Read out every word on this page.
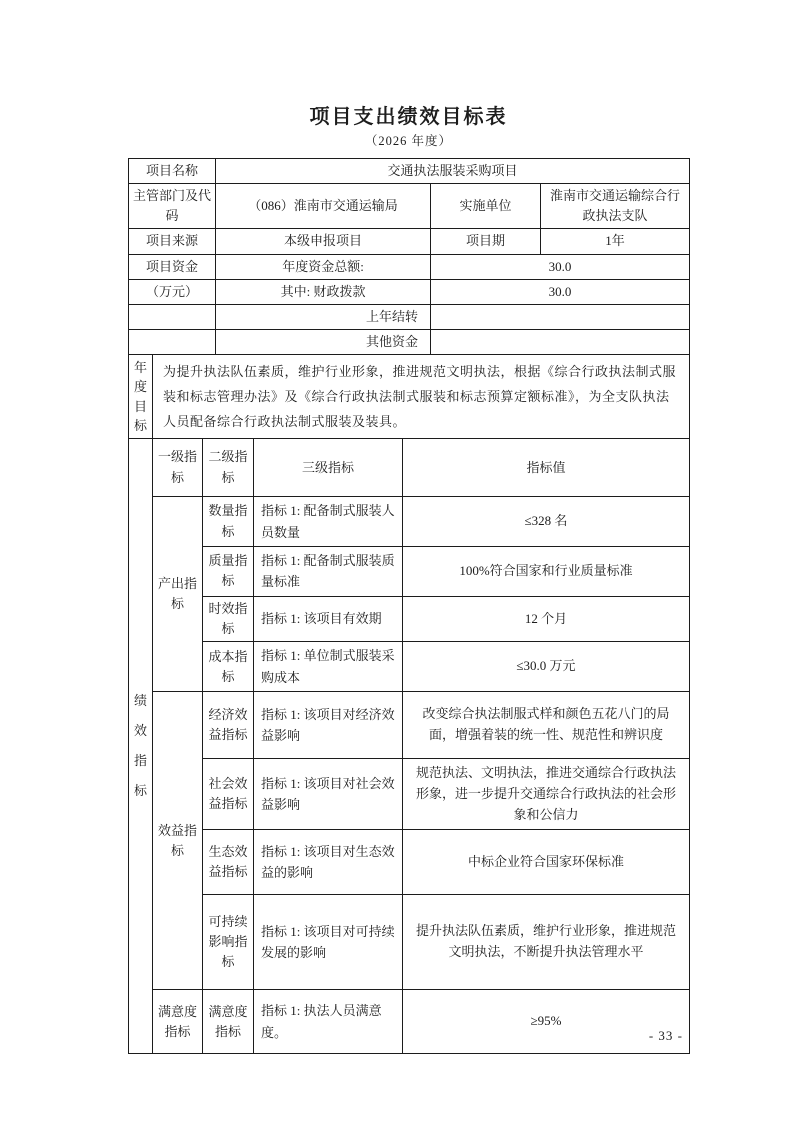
项目支出绩效目标表
（2026 年度）
项目名称		交通执法服装采购项目		
主管部门及代码		（086）淮南市交通运输局	实施单位	淮南市交通运输综合行政执法支队
项目来源		本级申报项目	项目期	1年
项目资金		年度资金总额:	30.0	
（万元）		其中: 财政拨款	30.0	
		上年结转		
		其他资金		

年度目标	为提升执法队伍素质，维护行业形象，推进规范文明执法，根据《综合行政执法制式服装和标志管理办法》及《综合行政执法制式服装和标志预算定额标准》，为全支队执法人员配备综合行政执法制式服装及装具。			
绩效指标	一级指标	二级指标	三级指标	指标值
	产出指标	数量指标	指标 1: 配备制式服装人员数量	≤328 名
		质量指标	指标 1: 配备制式服装质量标准	100%符合国家和行业质量标准
		时效指标	指标 1: 该项目有效期	12 个月
		成本指标	指标 1: 单位制式服装采购成本	≤30.0 万元
	效益指标	经济效益指标	指标 1: 该项目对经济效益影响	改变综合执法制服式样和颜色五花八门的局面，增强着装的统一性、规范性和辨识度
		社会效益指标	指标 1: 该项目对社会效益影响	规范执法、文明执法，推进交通综合行政执法形象，进一步提升交通综合行政执法的社会形象和公信力
		生态效益指标	指标 1: 该项目对生态效益的影响	中标企业符合国家环保标准
		可持续影响指标	指标 1: 该项目对可持续发展的影响	提升执法队伍素质，维护行业形象，推进规范文明执法，不断提升执法管理水平
	满意度指标	满意度指标	指标 1: 执法人员满意度。	≥95%
- 33 -
